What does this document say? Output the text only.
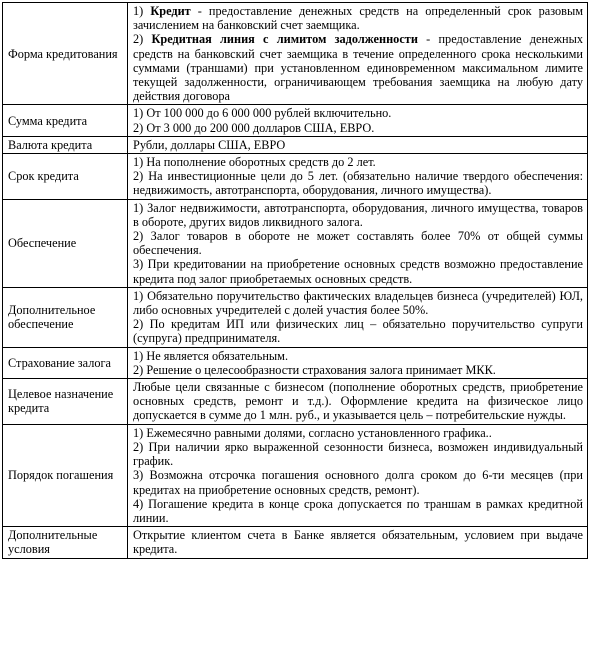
Форма кредитования	1) Кредит - предоставление денежных средств на определенный срок разовым зачислением на банковский счет заемщика.

2) Кредитная линия с лимитом задолженности - предоставление денежных средств на банковский счет заемщика в течение определенного срока несколькими суммами (траншами) при установленном единовременном максимальном лимите текущей задолженности, ограничивающем требования заемщика на любую дату действия договора

Сумма кредита	1) От 100 000 до 6 000 000 рублей включительно.

2) От 3 000 до 200 000 долларов США, ЕВРО.

Валюта кредита	Рубли, доллары США, ЕВРО

Срок кредита	1) На пополнение оборотных средств до 2 лет.

2) На инвестиционные цели до 5 лет. (обязательно наличие твердого обеспечения: недвижимость, автотранспорта, оборудования, личного имущества).

Обеспечение	1) Залог недвижимости, автотранспорта, оборудования, личного имущества, товаров в обороте, других видов ликвидного залога.

2) Залог товаров в обороте не может составлять более 70% от общей суммы обеспечения.

3) При кредитовании на приобретение основных средств возможно предоставление кредита под залог приобретаемых основных средств.

Дополнительное обеспечение	1) Обязательно поручительство фактических владельцев бизнеса (учредителей) ЮЛ, либо основных учредителей с долей участия более 50%.

2) По кредитам ИП или физических лиц – обязательно поручительство супруги (супруга) предпринимателя.

Страхование залога	1) Не является обязательным.

2) Решение о целесообразности страхования залога принимает МКК.

Целевое назначение кредита	Любые цели связанные с бизнесом (пополнение оборотных средств, приобретение основных средств, ремонт и т.д.). Оформление кредита на физическое лицо допускается в сумме до 1 млн. руб., и указывается цель – потребительские нужды.

Порядок погашения	1) Ежемесячно равными долями, согласно установленного графика..

2) При наличии ярко выраженной сезонности бизнеса, возможен индивидуальный график.

3) Возможна отсрочка погашения основного долга сроком до 6-ти месяцев (при кредитах на приобретение основных средств, ремонт).

4) Погашение кредита в конце срока допускается по траншам в рамках кредитной линии.

Дополнительные условия	Открытие клиентом счета в Банке является обязательным, условием при выдаче кредита.
